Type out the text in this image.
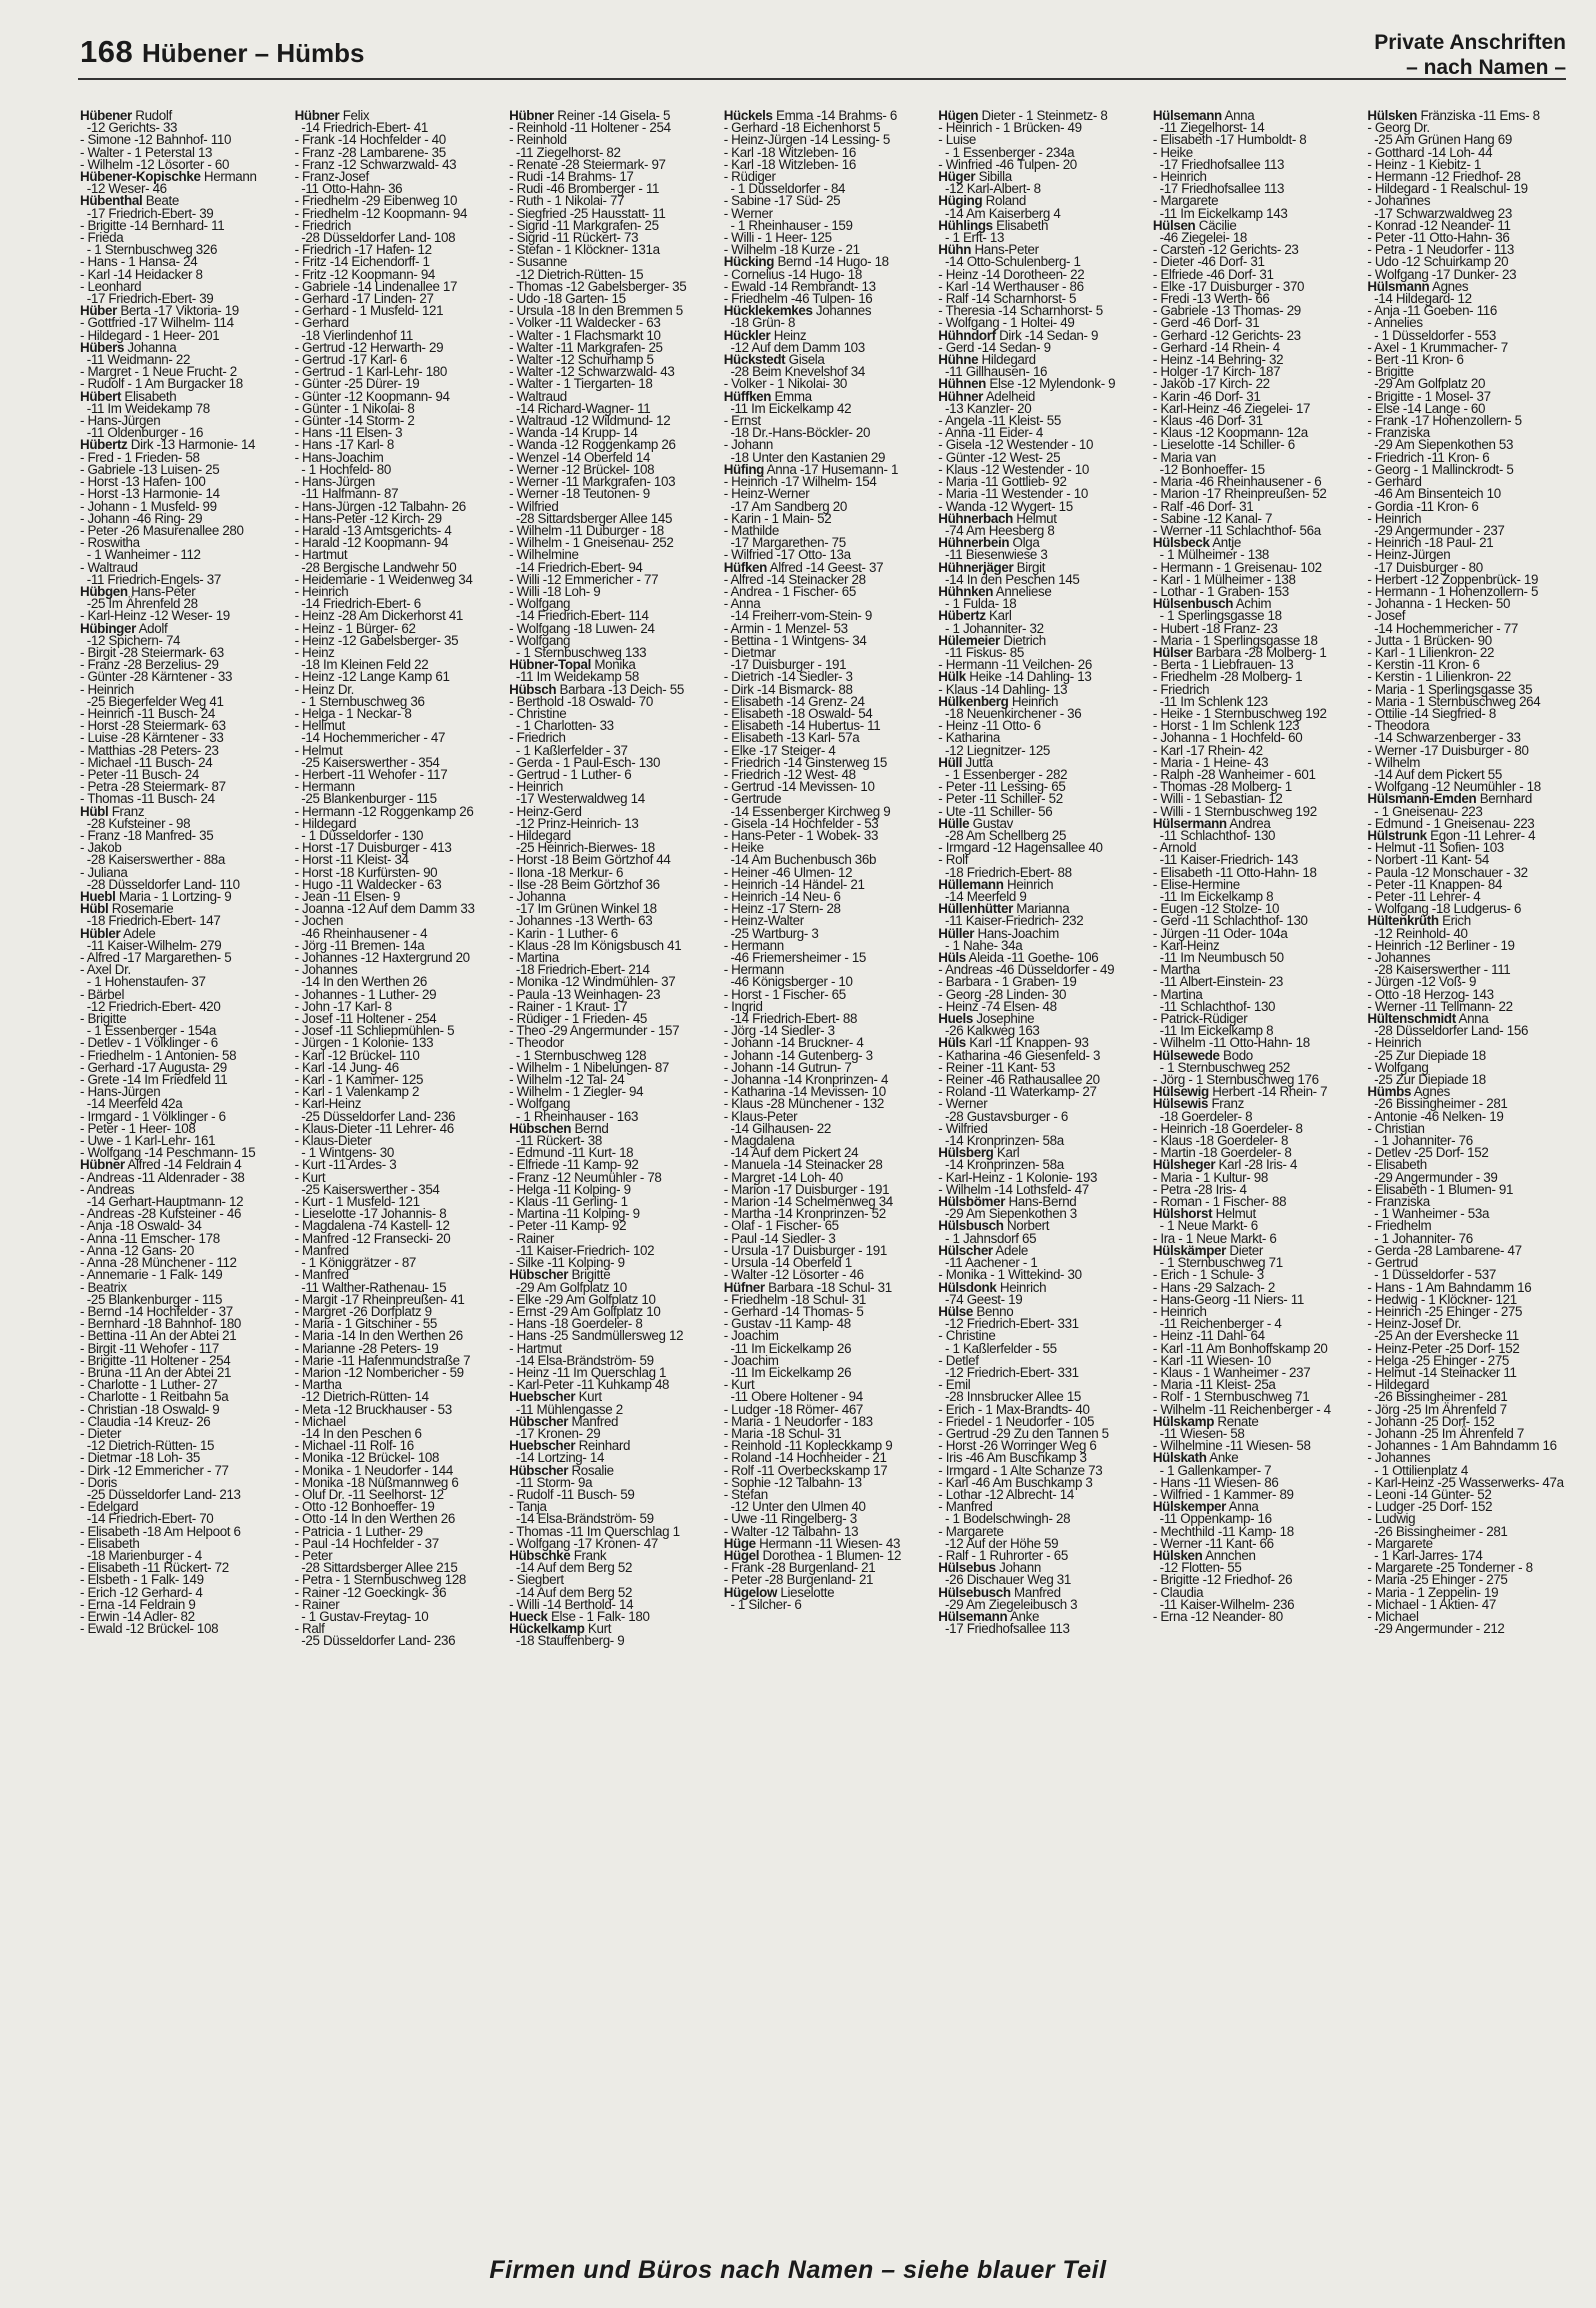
168 Hübener – Hümbs	Private Anschriften
– nach Namen –
Hübener Rudolf
-12 Gerichts- 33
- Simone -12 Bahnhof- 110
- Walter - 1 Peterstal 13
- Wilhelm -12 Lösorter - 60
Hübener-Kopischke Hermann
-12 Weser- 46
Hübenthal Beate
-17 Friedrich-Ebert- 39
- Brigitte -14 Bernhard- 11
- Frieda
- 1 Sternbuschweg 326
- Hans - 1 Hansa- 24
- Karl -14 Heidacker 8
- Leonhard
-17 Friedrich-Ebert- 39
Hüber Berta -17 Viktoria- 19
- Gottfried -17 Wilhelm- 114
- Hildegard - 1 Heer- 201
Hübers Johanna
-11 Weidmann- 22
- Margret - 1 Neue Frucht- 2
- Rudolf - 1 Am Burgacker 18
Hübert Elisabeth
-11 Im Weidekamp 78
- Hans-Jürgen
-11 Oldenburger - 16
Hübertz Dirk -13 Harmonie- 14
- Fred - 1 Frieden- 58
- Gabriele -13 Luisen- 25
- Horst -13 Hafen- 100
- Horst -13 Harmonie- 14
- Johann - 1 Musfeld- 99
- Johann -46 Ring- 29
- Peter -26 Masurenallee 280
- Roswitha
- 1 Wanheimer - 112
- Waltraud
-11 Friedrich-Engels- 37
Hübgen Hans-Peter
-25 Im Ährenfeld 28
- Karl-Heinz -12 Weser- 19
Hübinger Adolf
-12 Spichern- 74
- Birgit -28 Steiermark- 63
- Franz -28 Berzelius- 29
- Günter -28 Kärntener - 33
- Heinrich
-25 Biegerfelder Weg 41
- Heinrich -11 Busch- 24
- Horst -28 Steiermark- 63
- Luise -28 Kärntener - 33
- Matthias -28 Peters- 23
- Michael -11 Busch- 24
- Peter -11 Busch- 24
- Petra -28 Steiermark- 87
- Thomas -11 Busch- 24
Hübl Franz
-28 Kufsteiner - 98
- Franz -18 Manfred- 35
- Jakob
-28 Kaiserswerther - 88a
- Juliana
-28 Düsseldorfer Land- 110
Huebl Maria - 1 Lortzing- 9
Hübl Rosemarie
-18 Friedrich-Ebert- 147
Hübler Adele
-11 Kaiser-Wilhelm- 279
- Alfred -17 Margarethen- 5
- Axel Dr.
- 1 Hohenstaufen- 37
- Bärbel
-12 Friedrich-Ebert- 420
- Brigitte
- 1 Essenberger - 154a
- Detlev - 1 Völklinger - 6
- Friedhelm - 1 Antonien- 58
- Gerhard -17 Augusta- 29
- Grete -14 Im Friedfeld 11
- Hans-Jürgen
-14 Meerfeld 42a
- Irmgard - 1 Völklinger - 6
- Peter - 1 Heer- 108
- Uwe - 1 Karl-Lehr- 161
- Wolfgang -14 Peschmann- 15
Hübner Alfred -14 Feldrain 4
- Andreas -11 Aldenrader - 38
- Andreas
-14 Gerhart-Hauptmann- 12
- Andreas -28 Kufsteiner - 46
- Anja -18 Oswald- 34
- Anna -11 Emscher- 178
- Anna -12 Gans- 20
- Anna -28 Münchener - 112
- Annemarie - 1 Falk- 149
- Beatrix
-25 Blankenburger - 115
- Bernd -14 Hochfelder - 37
- Bernhard -18 Bahnhof- 180
- Bettina -11 An der Abtei 21
- Birgit -11 Wehofer - 117
- Brigitte -11 Holtener - 254
- Bruna -11 An der Abtei 21
- Charlotte - 1 Luther- 27
- Charlotte - 1 Reitbahn 5a
- Christian -18 Oswald- 9
- Claudia -14 Kreuz- 26
- Dieter
-12 Dietrich-Rütten- 15
- Dietmar -18 Loh- 35
- Dirk -12 Emmericher - 77
- Doris
-25 Düsseldorfer Land- 213
- Edelgard
-14 Friedrich-Ebert- 70
- Elisabeth -18 Am Helpoot 6
- Elisabeth
-18 Marienburger - 4
- Elisabeth -11 Rückert- 72
- Elsbeth - 1 Falk- 149
- Erich -12 Gerhard- 4
- Erna -14 Feldrain 9
- Erwin -14 Adler- 82
- Ewald -12 Brückel- 108
Hübner Felix
-14 Friedrich-Ebert- 41
- Frank -14 Hochfelder - 40
- Franz -28 Lambarene- 35
- Franz -12 Schwarzwald- 43
- Franz-Josef
-11 Otto-Hahn- 36
- Friedhelm -29 Eibenweg 10
- Friedhelm -12 Koopmann- 94
- Friedrich
-28 Düsseldorfer Land- 108
- Friedrich -17 Hafen- 12
- Fritz -14 Eichendorff- 1
- Fritz -12 Koopmann- 94
- Gabriele -14 Lindenallee 17
- Gerhard -17 Linden- 27
- Gerhard - 1 Musfeld- 121
- Gerhard
-18 Vierlindenhof 11
- Gertrud -12 Herwarth- 29
- Gertrud -17 Karl- 6
- Gertrud - 1 Karl-Lehr- 180
- Günter -25 Dürer- 19
- Günter -12 Koopmann- 94
- Günter - 1 Nikolai- 8
- Günter -14 Storm- 2
- Hans -11 Elsen- 3
- Hans -17 Karl- 8
- Hans-Joachim
- 1 Hochfeld- 80
- Hans-Jürgen
-11 Halfmann- 87
- Hans-Jürgen -12 Talbahn- 26
- Hans-Peter -12 Kirch- 29
- Harald -13 Amtsgerichts- 4
- Harald -12 Koopmann- 94
- Hartmut
-28 Bergische Landwehr 50
- Heidemarie - 1 Weidenweg 34
- Heinrich
-14 Friedrich-Ebert- 6
- Heinz -28 Am Dickerhorst 41
- Heinz - 1 Bürger- 62
- Heinz -12 Gabelsberger- 35
- Heinz
-18 Im Kleinen Feld 22
- Heinz -12 Lange Kamp 61
- Heinz Dr.
- 1 Sternbuschweg 36
- Helga - 1 Neckar- 8
- Hellmut
-14 Hochemmericher - 47
- Helmut
-25 Kaiserswerther - 354
- Herbert -11 Wehofer - 117
- Hermann
-25 Blankenburger - 115
- Hermann -12 Roggenkamp 26
- Hildegard
- 1 Düsseldorfer - 130
- Horst -17 Duisburger - 413
- Horst -11 Kleist- 34
- Horst -18 Kurfürsten- 90
- Hugo -11 Waldecker - 63
- Jean -11 Elsen- 9
- Joanna -12 Auf dem Damm 33
- Jochen
-46 Rheinhausener - 4
- Jörg -11 Bremen- 14a
- Johannes -12 Haxtergrund 20
- Johannes
-14 In den Werthen 26
- Johannes - 1 Luther- 29
- John -17 Karl- 8
- Josef -11 Holtener - 254
- Josef -11 Schliepmühlen- 5
- Jürgen - 1 Kolonie- 133
- Karl -12 Brückel- 110
- Karl -14 Jung- 46
- Karl - 1 Kammer- 125
- Karl - 1 Valenkamp 2
- Karl-Heinz
-25 Düsseldorfer Land- 236
- Klaus-Dieter -11 Lehrer- 46
- Klaus-Dieter
- 1 Wintgens- 30
- Kurt -11 Ardes- 3
- Kurt
-25 Kaiserswerther - 354
- Kurt - 1 Musfeld- 121
- Lieselotte -17 Johannis- 8
- Magdalena -74 Kastell- 12
- Manfred -12 Fransecki- 20
- Manfred
- 1 Königgrätzer - 87
- Manfred
-11 Walther-Rathenau- 15
- Margit -17 Rheinpreußen- 41
- Margret -26 Dorfplatz 9
- Maria - 1 Gitschiner - 55
- Maria -14 In den Werthen 26
- Marianne -28 Peters- 19
- Marie -11 Hafenmundstraße 7
- Marion -12 Nombericher - 59
- Martha
-12 Dietrich-Rütten- 14
- Meta -12 Bruckhauser - 53
- Michael
-14 In den Peschen 6
- Michael -11 Rolf- 16
- Monika -12 Brückel- 108
- Monika - 1 Neudorfer - 144
- Monika -18 Nüßmannweg 6
- Oluf Dr. -11 Seelhorst- 12
- Otto -12 Bonhoeffer- 19
- Otto -14 In den Werthen 26
- Patricia - 1 Luther- 29
- Paul -14 Hochfelder - 37
- Peter
-28 Sittardsberger Allee 215
- Petra - 1 Sternbuschweg 128
- Rainer -12 Goeckingk- 36
- Rainer
- 1 Gustav-Freytag- 10
- Ralf
-25 Düsseldorfer Land- 236
Hübner Reiner -14 Gisela- 5
- Reinhold -11 Holtener - 254
- Reinhold
-11 Ziegelhorst- 82
- Renate -28 Steiermark- 97
- Rudi -14 Brahms- 17
- Rudi -46 Bromberger - 11
- Ruth - 1 Nikolai- 77
- Siegfried -25 Hausstatt- 11
- Sigrid -11 Markgrafen- 25
- Sigrid -11 Rückert- 73
- Stefan - 1 Klöckner- 131a
- Susanne
-12 Dietrich-Rütten- 15
- Thomas -12 Gabelsberger- 35
- Udo -18 Garten- 15
- Ursula -18 In den Bremmen 5
- Volker -11 Waldecker - 63
- Walter - 1 Flachsmarkt 10
- Walter -11 Markgrafen- 25
- Walter -12 Schurhamp 5
- Walter -12 Schwarzwald- 43
- Walter - 1 Tiergarten- 18
- Waltraud
-14 Richard-Wagner- 11
- Waltraud -12 Wildmund- 12
- Wanda -14 Krupp- 14
- Wanda -12 Roggenkamp 26
- Wenzel -14 Oberfeld 14
- Werner -12 Brückel- 108
- Werner -11 Markgrafen- 103
- Werner -18 Teutonen- 9
- Wilfried
-28 Sittardsberger Allee 145
- Wilhelm -11 Duburger - 18
- Wilhelm - 1 Gneisenau- 252
- Wilhelmine
-14 Friedrich-Ebert- 94
- Willi -12 Emmericher - 77
- Willi -18 Loh- 9
- Wolfgang
-14 Friedrich-Ebert- 114
- Wolfgang -18 Luwen- 24
- Wolfgang
- 1 Sternbuschweg 133
Hübner-Topal Monika
-11 Im Weidekamp 58
Hübsch Barbara -13 Deich- 55
- Berthold -18 Oswald- 70
- Christine
- 1 Charlotten- 33
- Friedrich
- 1 Kaßlerfelder - 37
- Gerda - 1 Paul-Esch- 130
- Gertrud - 1 Luther- 6
- Heinrich
-17 Westerwaldweg 14
- Heinz-Gerd
-12 Prinz-Heinrich- 13
- Hildegard
-25 Heinrich-Bierwes- 18
- Horst -18 Beim Görtzhof 44
- Ilona -18 Merkur- 6
- Ilse -28 Beim Görtzhof 36
- Johanna
-17 Im Grünen Winkel 18
- Johannes -13 Werth- 63
- Karin - 1 Luther- 6
- Klaus -28 Im Königsbusch 41
- Martina
-18 Friedrich-Ebert- 214
- Monika -12 Windmühlen- 37
- Paula -13 Weinhagen- 23
- Rainer - 1 Kraut- 17
- Rüdiger - 1 Frieden- 45
- Theo -29 Angermunder - 157
- Theodor
- 1 Sternbuschweg 128
- Wilhelm - 1 Nibelungen- 87
- Wilhelm -12 Tal- 24
- Wilhelm - 1 Ziegler- 94
- Wolfgang
- 1 Rheinhauser - 163
Hübschen Bernd
-11 Rückert- 38
- Edmund -11 Kurt- 18
- Elfriede -11 Kamp- 92
- Franz -12 Neumühler - 78
- Helga -11 Kolping- 9
- Klaus -11 Gerling- 1
- Martina -11 Kolping- 9
- Peter -11 Kamp- 92
- Rainer
-11 Kaiser-Friedrich- 102
- Silke -11 Kolping- 9
Hübscher Brigitte
-29 Am Golfplatz 10
- Elke -29 Am Golfplatz 10
- Ernst -29 Am Golfplatz 10
- Hans -18 Goerdeler- 8
- Hans -25 Sandmüllersweg 12
- Hartmut
-14 Elsa-Brändström- 59
- Heinz -11 Im Querschlag 1
- Karl-Peter -11 Kuhkamp 48
Huebscher Kurt
-11 Mühlengasse 2
Hübscher Manfred
-17 Kronen- 29
Huebscher Reinhard
-14 Lortzing- 14
Hübscher Rosalie
-11 Storm- 9a
- Rudolf -11 Busch- 59
- Tanja
-14 Elsa-Brändström- 59
- Thomas -11 Im Querschlag 1
- Wolfgang -17 Kronen- 47
Hübschke Frank
-14 Auf dem Berg 52
- Siegbert
-14 Auf dem Berg 52
- Willi -14 Berthold- 14
Hueck Else - 1 Falk- 180
Hückelkamp Kurt
-18 Stauffenberg- 9
Hückels Emma -14 Brahms- 6
- Gerhard -18 Eichenhorst 5
- Heinz-Jürgen -14 Lessing- 5
- Karl -18 Witzleben- 16
- Karl -18 Witzleben- 16
- Rüdiger
- 1 Düsseldorfer - 84
- Sabine -17 Süd- 25
- Werner
- 1 Rheinhauser - 159
- Willi - 1 Heer- 125
- Wilhelm -18 Kurze - 21
Hücking Bernd -14 Hugo- 18
- Cornelius -14 Hugo- 18
- Ewald -14 Rembrandt- 13
- Friedhelm -46 Tulpen- 16
Hücklekemkes Johannes
-18 Grün- 8
Hückler Heinz
-12 Auf dem Damm 103
Hückstedt Gisela
-28 Beim Knevelshof 34
- Volker - 1 Nikolai- 30
Hüffken Emma
-11 Im Eickelkamp 42
- Ernst
-18 Dr.-Hans-Böckler- 20
- Johann
-18 Unter den Kastanien 29
Hüfing Anna -17 Husemann- 1
- Heinrich -17 Wilhelm- 154
- Heinz-Werner
-17 Am Sandberg 20
- Karin - 1 Main- 52
- Mathilde
-17 Margarethen- 75
- Wilfried -17 Otto- 13a
Hüfken Alfred -14 Geest- 37
- Alfred -14 Steinacker 28
- Andrea - 1 Fischer- 65
- Anna
-14 Freiherr-vom-Stein- 9
- Armin - 1 Menzel- 53
- Bettina - 1 Wintgens- 34
- Dietmar
-17 Duisburger - 191
- Dietrich -14 Siedler- 3
- Dirk -14 Bismarck- 88
- Elisabeth -14 Grenz- 24
- Elisabeth -18 Oswald- 54
- Elisabeth -14 Hubertus- 11
- Elisabeth -13 Karl- 57a
- Elke -17 Steiger- 4
- Friedrich -14 Ginsterweg 15
- Friedrich -12 West- 48
- Gertrud -14 Mevissen- 10
- Gertrude
-14 Essenberger Kirchweg 9
- Gisela -14 Hochfelder - 53
- Hans-Peter - 1 Wobek- 33
- Heike
-14 Am Buchenbusch 36b
- Heiner -46 Ulmen- 12
- Heinrich -14 Händel- 21
- Heinrich -14 Neu- 6
- Heinz -17 Stern- 28
- Heinz-Walter
-25 Wartburg- 3
- Hermann
-46 Friemersheimer - 15
- Hermann
-46 Königsberger - 10
- Horst - 1 Fischer- 65
- Ingrid
-14 Friedrich-Ebert- 88
- Jörg -14 Siedler- 3
- Johann -14 Bruckner- 4
- Johann -14 Gutenberg- 3
- Johann -14 Gutrun- 7
- Johanna -14 Kronprinzen- 4
- Katharina -14 Mevissen- 10
- Klaus -28 Münchener - 132
- Klaus-Peter
-14 Gilhausen- 22
- Magdalena
-14 Auf dem Pickert 24
- Manuela -14 Steinacker 28
- Margret -14 Loh- 40
- Marion -17 Duisburger - 191
- Marion -14 Schelmenweg 34
- Martha -14 Kronprinzen- 52
- Olaf - 1 Fischer- 65
- Paul -14 Siedler- 3
- Ursula -17 Duisburger - 191
- Ursula -14 Oberfeld 1
- Walter -12 Lösorter - 46
Hüfner Barbara -18 Schul- 31
- Friedhelm -18 Schul- 31
- Gerhard -14 Thomas- 5
- Gustav -11 Kamp- 48
- Joachim
-11 Im Eickelkamp 26
- Joachim
-11 Im Eickelkamp 26
- Kurt
-11 Obere Holtener - 94
- Ludger -18 Römer- 467
- Maria - 1 Neudorfer - 183
- Maria -18 Schul- 31
- Reinhold -11 Kopleckkamp 9
- Roland -14 Hochheider - 21
- Rolf -11 Overbeckskamp 17
- Sophie -12 Talbahn- 13
- Stefan
-12 Unter den Ulmen 40
- Uwe -11 Ringelberg- 3
- Walter -12 Talbahn- 13
Hüge Hermann -11 Wiesen- 43
Hügel Dorothea - 1 Blumen- 12
- Frank -28 Burgenland- 21
- Peter -28 Burgenland- 21
Hügelow Lieselotte
- 1 Silcher- 6
Hügen Dieter - 1 Steinmetz- 8
- Heinrich - 1 Brücken- 49
- Luise
- 1 Essenberger - 234a
- Winfried -46 Tulpen- 20
Hüger Sibilla
-12 Karl-Albert- 8
Hüging Roland
-14 Am Kaiserberg 4
Hühlings Elisabeth
- 1 Erft- 13
Hühn Hans-Peter
-14 Otto-Schulenberg- 1
- Heinz -14 Dorotheen- 22
- Karl -14 Werthauser - 86
- Ralf -14 Scharnhorst- 5
- Theresia -14 Scharnhorst- 5
- Wolfgang - 1 Holtei- 49
Hühndorf Dirk -14 Sedan- 9
- Gerd -14 Sedan- 9
Hühne Hildegard
-11 Gillhausen- 16
Hühnen Else -12 Mylendonk- 9
Hühner Adelheid
-13 Kanzler- 20
- Angela -11 Kleist- 55
- Anna -11 Eider- 4
- Gisela -12 Westender - 10
- Günter -12 West- 25
- Klaus -12 Westender - 10
- Maria -11 Gottlieb- 92
- Maria -11 Westender - 10
- Wanda -12 Wygert- 15
Hühnerbach Helmut
-74 Am Heesberg 8
Hühnerbein Olga
-11 Biesenwiese 3
Hühnerjäger Birgit
-14 In den Peschen 145
Hühnken Anneliese
- 1 Fulda- 18
Hübertz Karl
- 1 Johanniter- 32
Hülemeier Dietrich
-11 Fiskus- 85
- Hermann -11 Veilchen- 26
Hülk Heike -14 Dahling- 13
- Klaus -14 Dahling- 13
Hülkenberg Heinrich
-18 Neuenkirchener - 36
- Heinz -11 Otto- 6
- Katharina
-12 Liegnitzer- 125
Hüll Jutta
- 1 Essenberger - 282
- Peter -11 Lessing- 65
- Peter -11 Schiller- 52
- Ute -11 Schiller- 56
Hülle Gustav
-28 Am Schellberg 25
- Irmgard -12 Hagensallee 40
- Rolf
-18 Friedrich-Ebert- 88
Hüllemann Heinrich
-14 Meerfeld 9
Hüllenhütter Marianna
-11 Kaiser-Friedrich- 232
Hüller Hans-Joachim
- 1 Nahe- 34a
Hüls Aleida -11 Goethe- 106
- Andreas -46 Düsseldorfer - 49
- Barbara - 1 Graben- 19
- Georg -28 Linden- 30
- Heinz -74 Elsen- 48
Huels Josephine
-26 Kalkweg 163
Hüls Karl -11 Knappen- 93
- Katharina -46 Giesenfeld- 3
- Reiner -11 Kant- 53
- Reiner -46 Rathausallee 20
- Roland -11 Waterkamp- 27
- Werner
-28 Gustavsburger - 6
- Wilfried
-14 Kronprinzen- 58a
Hülsberg Karl
-14 Kronprinzen- 58a
- Karl-Heinz - 1 Kolonie- 193
- Wilhelm -14 Lothsfeld- 47
Hülsbömer Hans-Bernd
-29 Am Siepenkothen 3
Hülsbusch Norbert
- 1 Jahnsdorf 65
Hülscher Adele
-11 Aachener - 1
- Monika - 1 Wittekind- 30
Hülsdonk Heinrich
-74 Geest- 19
Hülse Benno
-12 Friedrich-Ebert- 331
- Christine
- 1 Kaßlerfelder - 55
- Detlef
-12 Friedrich-Ebert- 331
- Emil
-28 Innsbrucker Allee 15
- Erich - 1 Max-Brandts- 40
- Friedel - 1 Neudorfer - 105
- Gertrud -29 Zu den Tannen 5
- Horst -26 Worringer Weg 6
- Iris -46 Am Buschkamp 3
- Irmgard - 1 Alte Schanze 73
- Karl -46 Am Buschkamp 3
- Lothar -12 Albrecht- 14
- Manfred
- 1 Bodelschwingh- 28
- Margarete
-12 Auf der Höhe 59
- Ralf - 1 Ruhrorter - 65
Hülsebus Johann
-26 Dischauer Weg 31
Hülsebusch Manfred
-29 Am Ziegeleibusch 3
Hülsemann Anke
-17 Friedhofsallee 113
Hülsemann Anna
-11 Ziegelhorst- 14
- Elisabeth -17 Humboldt- 8
- Heike
-17 Friedhofsallee 113
- Heinrich
-17 Friedhofsallee 113
- Margarete
-11 Im Eickelkamp 143
Hülsen Cäcilie
-46 Ziegelei- 18
- Carsten -12 Gerichts- 23
- Dieter -46 Dorf- 31
- Elfriede -46 Dorf- 31
- Elke -17 Duisburger - 370
- Fredi -13 Werth- 66
- Gabriele -13 Thomas- 29
- Gerd -46 Dorf- 31
- Gerhard -12 Gerichts- 23
- Gerhard -14 Rhein- 4
- Heinz -14 Behring- 32
- Holger -17 Kirch- 187
- Jakob -17 Kirch- 22
- Karin -46 Dorf- 31
- Karl-Heinz -46 Ziegelei- 17
- Klaus -46 Dorf- 31
- Klaus -12 Koopmann- 12a
- Lieselotte -14 Schiller- 6
- Maria van
-12 Bonhoeffer- 15
- Maria -46 Rheinhausener - 6
- Marion -17 Rheinpreußen- 52
- Ralf -46 Dorf- 31
- Sabine -12 Kanal- 7
- Werner -11 Schlachthof- 56a
Hülsbeck Antje
- 1 Mülheimer - 138
- Hermann - 1 Greisenau- 102
- Karl - 1 Mülheimer - 138
- Lothar - 1 Graben- 153
Hülsenbusch Achim
- 1 Sperlingsgasse 18
- Hubert -18 Franz- 23
- Maria - 1 Sperlingsgasse 18
Hülser Barbara -28 Molberg- 1
- Berta - 1 Liebfrauen- 13
- Friedhelm -28 Molberg- 1
- Friedrich
-11 Im Schlenk 123
- Heike - 1 Sternbuschweg 192
- Horst - 1 Im Schlenk 123
- Johanna - 1 Hochfeld- 60
- Karl -17 Rhein- 42
- Maria - 1 Heine- 43
- Ralph -28 Wanheimer - 601
- Thomas -28 Molberg- 1
- Willi - 1 Sebastian- 12
- Willi - 1 Sternbuschweg 192
Hülsermann Andrea
-11 Schlachthof- 130
- Arnold
-11 Kaiser-Friedrich- 143
- Elisabeth -11 Otto-Hahn- 18
- Elise-Hermine
-11 Im Eickelkamp 8
- Eugen -12 Stolze- 10
- Gerd -11 Schlachthof- 130
- Jürgen -11 Oder- 104a
- Karl-Heinz
-11 Im Neumbusch 50
- Martha
-11 Albert-Einstein- 23
- Martina
-11 Schlachthof- 130
- Patrick-Rüdiger
-11 Im Eickelkamp 8
- Wilhelm -11 Otto-Hahn- 18
Hülsewede Bodo
- 1 Sternbuschweg 252
- Jörg - 1 Sternbuschweg 176
Hülsewig Herbert -14 Rhein- 7
Hülsewis Franz
-18 Goerdeler- 8
- Heinrich -18 Goerdeler- 8
- Klaus -18 Goerdeler- 8
- Martin -18 Goerdeler- 8
Hülsheger Karl -28 Iris- 4
- Maria - 1 Kultur- 98
- Petra -28 Iris- 4
- Roman - 1 Fischer- 88
Hülshorst Helmut
- 1 Neue Markt- 6
- Ira - 1 Neue Markt- 6
Hülskämper Dieter
- 1 Sternbuschweg 71
- Erich - 1 Schule- 3
- Hans -29 Salzach- 2
- Hans-Georg -11 Niers- 11
- Heinrich
-11 Reichenberger - 4
- Heinz -11 Dahl- 64
- Karl -11 Am Bonhoffskamp 20
- Karl -11 Wiesen- 10
- Klaus - 1 Wanheimer - 237
- Maria -11 Kleist- 25a
- Rolf - 1 Sternbuschweg 71
- Wilhelm -11 Reichenberger - 4
Hülskamp Renate
-11 Wiesen- 58
- Wilhelmine -11 Wiesen- 58
Hülskath Anke
- 1 Gallenkamper- 7
- Hans -11 Wiesen- 86
- Wilfried - 1 Kammer- 89
Hülskemper Anna
-11 Oppenkamp- 16
- Mechthild -11 Kamp- 18
- Werner -11 Kant- 66
Hülsken Annchen
-12 Flotten- 55
- Brigitte -12 Friedhof- 26
- Claudia
-11 Kaiser-Wilhelm- 236
- Erna -12 Neander- 80
Hülsken Fränziska -11 Ems- 8
- Georg Dr.
-25 Am Grünen Hang 69
- Gotthard -14 Loh- 44
- Heinz - 1 Kiebitz- 1
- Hermann -12 Friedhof- 28
- Hildegard - 1 Realschul- 19
- Johannes
-17 Schwarzwaldweg 23
- Konrad -12 Neander- 11
- Peter -11 Otto-Hahn- 36
- Petra - 1 Neudorfer - 113
- Udo -12 Schuirkamp 20
- Wolfgang -17 Dunker- 23
Hülsmann Agnes
-14 Hildegard- 12
- Anja -11 Goeben- 116
- Annelies
- 1 Düsseldorfer - 553
- Axel - 1 Krummacher- 7
- Bert -11 Kron- 6
- Brigitte
-29 Am Golfplatz 20
- Brigitte - 1 Mosel- 37
- Else -14 Lange - 60
- Frank -17 Hohenzollern- 5
- Franziska
-29 Am Siepenkothen 53
- Friedrich -11 Kron- 6
- Georg - 1 Mallinckrodt- 5
- Gerhard
-46 Am Binsenteich 10
- Gordia -11 Kron- 6
- Heinrich
-29 Angermunder - 237
- Heinrich -18 Paul- 21
- Heinz-Jürgen
-17 Duisburger - 80
- Herbert -12 Zoppenbrück- 19
- Hermann - 1 Hohenzollern- 5
- Johanna - 1 Hecken- 50
- Josef
-14 Hochemmericher - 77
- Jutta - 1 Brücken- 90
- Karl - 1 Lilienkron- 22
- Kerstin -11 Kron- 6
- Kerstin - 1 Lilienkron- 22
- Maria - 1 Sperlingsgasse 35
- Maria - 1 Sternbuschweg 264
- Ottilie -14 Siegfried- 8
- Theodora
-14 Schwarzenberger - 33
- Werner -17 Duisburger - 80
- Wilhelm
-14 Auf dem Pickert 55
- Wolfgang -12 Neumühler - 18
Hülsmann-Emden Bernhard
- 1 Gneisenau- 223
- Edmund - 1 Gneisenau- 223
Hülstrunk Egon -11 Lehrer- 4
- Helmut -11 Sofien- 103
- Norbert -11 Kant- 54
- Paula -12 Monschauer - 32
- Peter -11 Knappen- 84
- Peter -11 Lehrer- 4
- Wolfgang -18 Ludgerus- 6
Hültenkrüth Erich
-12 Reinhold- 40
- Heinrich -12 Berliner - 19
- Johannes
-28 Kaiserswerther - 111
- Jürgen -12 Voß- 9
- Otto -18 Herzog- 143
- Werner -11 Tellmann- 22
Hültenschmidt Anna
-28 Düsseldorfer Land- 156
- Heinrich
-25 Zur Diepiade 18
- Wolfgang
-25 Zur Diepiade 18
Hümbs Agnes
-26 Bissingheimer - 281
- Antonie -46 Nelken- 19
- Christian
- 1 Johanniter- 76
- Detlev -25 Dorf- 152
- Elisabeth
-29 Angermunder - 39
- Elisabeth - 1 Blumen- 91
- Franziska
- 1 Wanheimer - 53a
- Friedhelm
- 1 Johanniter- 76
- Gerda -28 Lambarene- 47
- Gertrud
- 1 Düsseldorfer - 537
- Hans - 1 Am Bahndamm 16
- Hedwig - 1 Klöckner- 121
- Heinrich -25 Ehinger - 275
- Heinz-Josef Dr.
-25 An der Eversheckе 11
- Heinz-Peter -25 Dorf- 152
- Helga -25 Ehinger - 275
- Helmut -14 Steinacker 11
- Hildegard
-26 Bissingheimer - 281
- Jörg -25 Im Ährenfeld 7
- Johann -25 Dorf- 152
- Johann -25 Im Ährenfeld 7
- Johannes - 1 Am Bahndamm 16
- Johannes
- 1 Ottilienplatz 4
- Karl-Heinz -25 Wasserwerks- 47a
- Leoni -14 Günter- 52
- Ludger -25 Dorf- 152
- Ludwig
-26 Bissingheimer - 281
- Margarete
- 1 Karl-Jarres- 174
- Margarete -25 Tonderner - 8
- Maria -25 Ehinger - 275
- Maria - 1 Zeppelin- 19
- Michael - 1 Aktien- 47
- Michael
-29 Angermunder - 212
Firmen und Büros nach Namen – siehe blauer Teil
